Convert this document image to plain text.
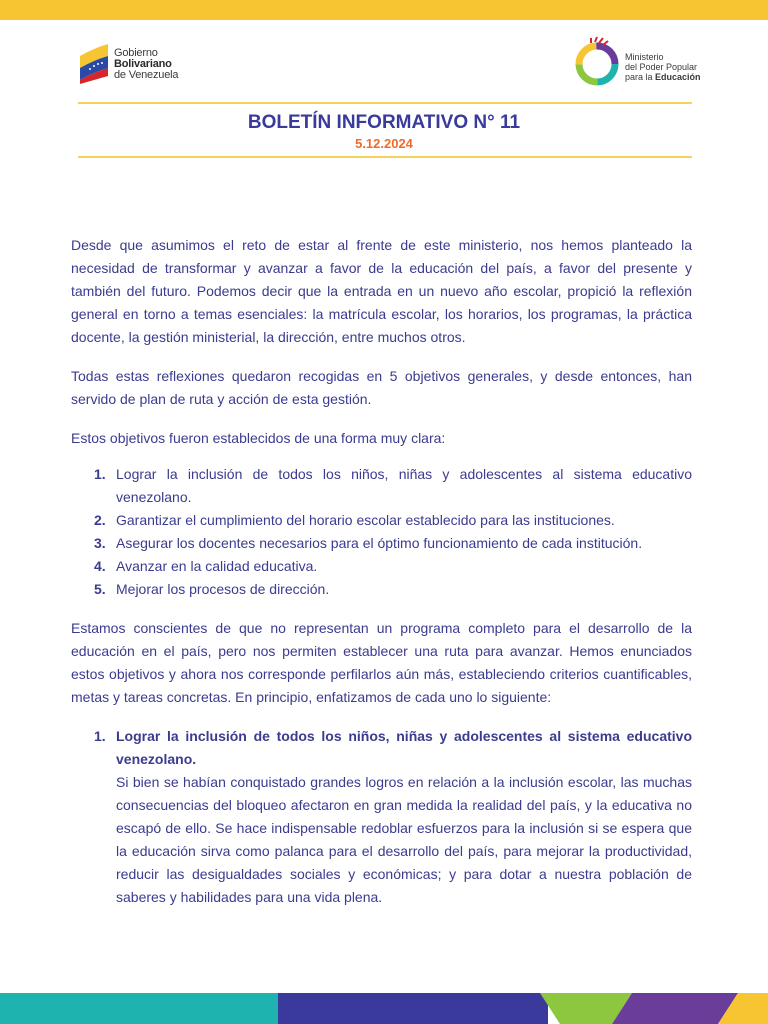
Gobierno
Bolivariano
de Venezuela
Ministerio
del Poder Popular
para la Educación
BOLETÍN INFORMATIVO N° 11
5.12.2024

Desde que asumimos el reto de estar al frente de este ministerio, nos hemos planteado la necesidad de transformar y avanzar a favor de la educación del país, a favor del presente y también del futuro. Podemos decir que la entrada en un nuevo año escolar, propició la reflexión general en torno a temas esenciales: la matrícula escolar, los horarios, los programas, la práctica docente, la gestión ministerial, la dirección, entre muchos otros.

Todas estas reflexiones quedaron recogidas en 5 objetivos generales, y desde entonces, han servido de plan de ruta y acción de esta gestión.

Estos objetivos fueron establecidos de una forma muy clara:

1. Lograr la inclusión de todos los niños, niñas y adolescentes al sistema educativo venezolano.
2. Garantizar el cumplimiento del horario escolar establecido para las instituciones.
3. Asegurar los docentes necesarios para el óptimo funcionamiento de cada institución.
4. Avanzar en la calidad educativa.
5. Mejorar los procesos de dirección.

Estamos conscientes de que no representan un programa completo para el desarrollo de la educación en el país, pero nos permiten establecer una ruta para avanzar. Hemos enunciados estos objetivos y ahora nos corresponde perfilarlos aún más, estableciendo criterios cuantificables, metas y tareas concretas. En principio, enfatizamos de cada uno lo siguiente:

1. Lograr la inclusión de todos los niños, niñas y adolescentes al sistema educativo venezolano.
Si bien se habían conquistado grandes logros en relación a la inclusión escolar, las muchas consecuencias del bloqueo afectaron en gran medida la realidad del país, y la educativa no escapó de ello. Se hace indispensable redoblar esfuerzos para la inclusión si se espera que la educación sirva como palanca para el desarrollo del país, para mejorar la productividad, reducir las desigualdades sociales y económicas; y para dotar a nuestra población de saberes y habilidades para una vida plena.
